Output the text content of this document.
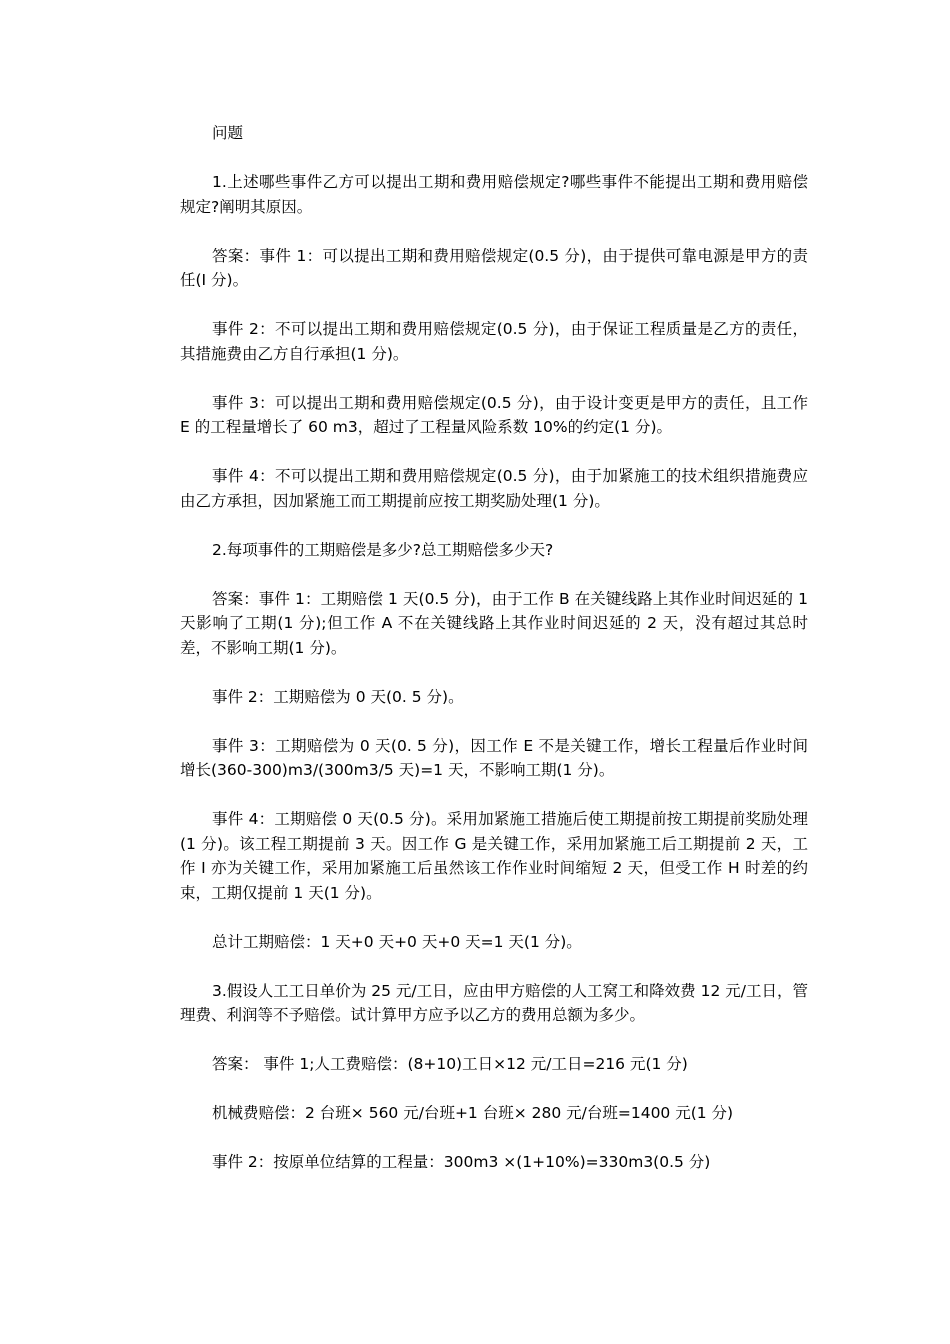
问题

1.上述哪些事件乙方可以提出工期和费用赔偿规定?哪些事件不能提出工期和费用赔偿规定?阐明其原因。

答案：事件 1：可以提出工期和费用赔偿规定(0.5 分)，由于提供可靠电源是甲方的责任(I 分)。

事件 2：不可以提出工期和费用赔偿规定(0.5 分)，由于保证工程质量是乙方的责任，其措施费由乙方自行承担(1 分)。

事件 3：可以提出工期和费用赔偿规定(0.5 分)，由于设计变更是甲方的责任，且工作 E 的工程量增长了 60 m3，超过了工程量风险系数 10%的约定(1 分)。

事件 4：不可以提出工期和费用赔偿规定(0.5 分)，由于加紧施工的技术组织措施费应由乙方承担，因加紧施工而工期提前应按工期奖励处理(1 分)。

2.每项事件的工期赔偿是多少?总工期赔偿多少天?

答案：事件 1：工期赔偿 1 天(0.5 分)，由于工作 B 在关键线路上其作业时间迟延的 1 天影响了工期(1 分);但工作 A 不在关键线路上其作业时间迟延的 2 天，没有超过其总时差，不影响工期(1 分)。

事件 2：工期赔偿为 0 天(0. 5 分)。

事件 3：工期赔偿为 0 天(0. 5 分)，因工作 E 不是关键工作，增长工程量后作业时间增长(360-300)m3/(300m3/5 天)=1 天，不影响工期(1 分)。

事件 4：工期赔偿 0 天(0.5 分)。采用加紧施工措施后使工期提前按工期提前奖励处理(1 分)。该工程工期提前 3 天。因工作 G 是关键工作，采用加紧施工后工期提前 2 天，工作 I 亦为关键工作，采用加紧施工后虽然该工作作业时间缩短 2 天，但受工作 H 时差的约束，工期仅提前 1 天(1 分)。

总计工期赔偿：1 天+0 天+0 天+0 天=1 天(1 分)。

3.假设人工工日单价为 25 元/工日，应由甲方赔偿的人工窝工和降效费 12 元/工日，管理费、利润等不予赔偿。试计算甲方应予以乙方的费用总额为多少。

答案： 事件 1;人工费赔偿：(8+10)工日×12 元/工日=216 元(1 分)

机械费赔偿：2 台班× 560 元/台班+1 台班× 280 元/台班=1400 元(1 分)

事件 2：按原单位结算的工程量：300m3 ×(1+10%)=330m3(0.5 分)
